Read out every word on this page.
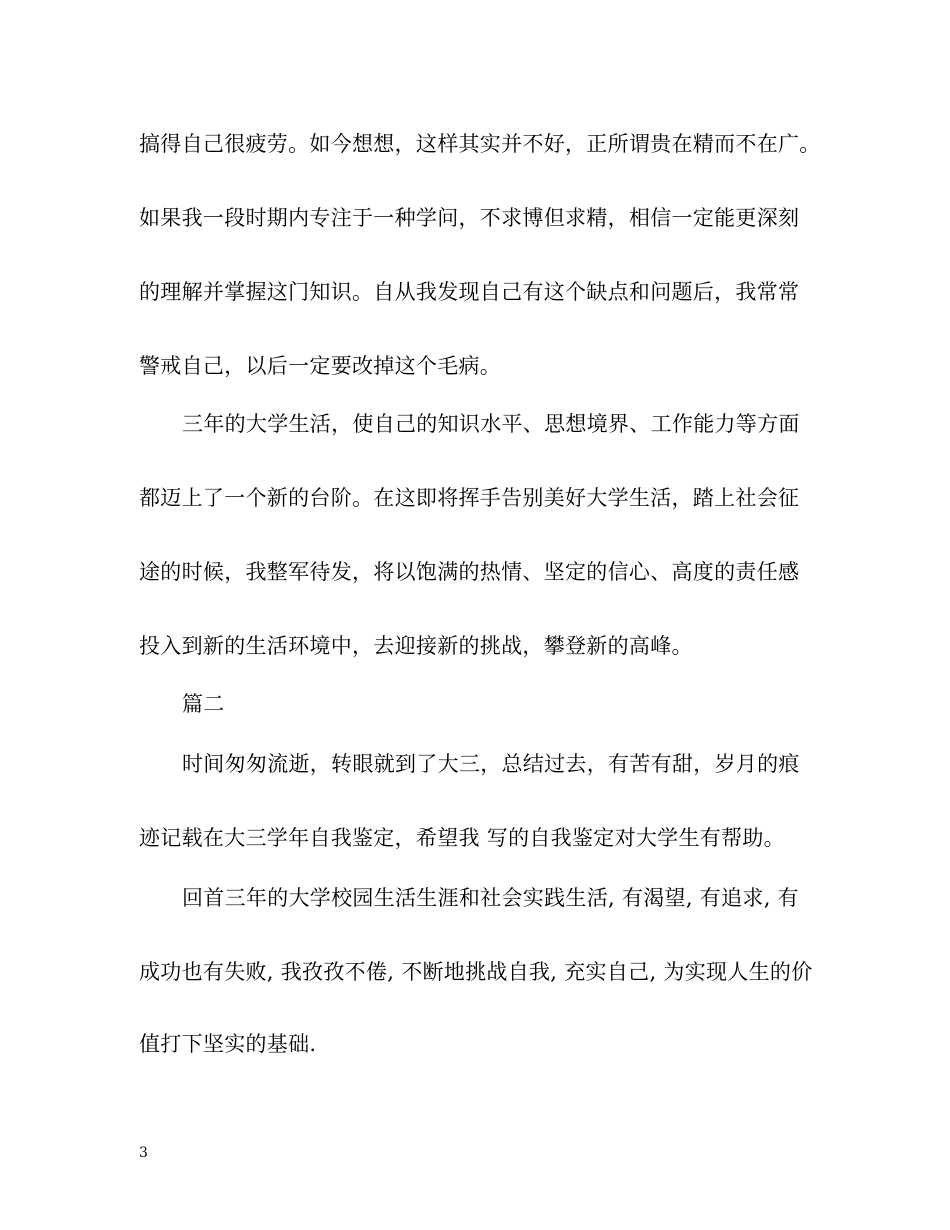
搞得自己很疲劳。如今想想，这样其实并不好，正所谓贵在精而不在广。
如果我一段时期内专注于一种学问，不求博但求精，相信一定能更深刻
的理解并掌握这门知识。自从我发现自己有这个缺点和问题后，我常常
警戒自己，以后一定要改掉这个毛病。
三年的大学生活，使自己的知识水平、思想境界、工作能力等方面
都迈上了一个新的台阶。在这即将挥手告别美好大学生活，踏上社会征
途的时候，我整军待发，将以饱满的热情、坚定的信心、高度的责任感
投入到新的生活环境中，去迎接新的挑战，攀登新的高峰。
篇二
时间匆匆流逝，转眼就到了大三，总结过去，有苦有甜，岁月的痕
迹记载在大三学年自我鉴定，希望我 写的自我鉴定对大学生有帮助。
回首三年的大学校园生活生涯和社会实践生活, 有渴望, 有追求, 有
成功也有失败, 我孜孜不倦, 不断地挑战自我, 充实自己, 为实现人生的价
值打下坚实的基础.
3
